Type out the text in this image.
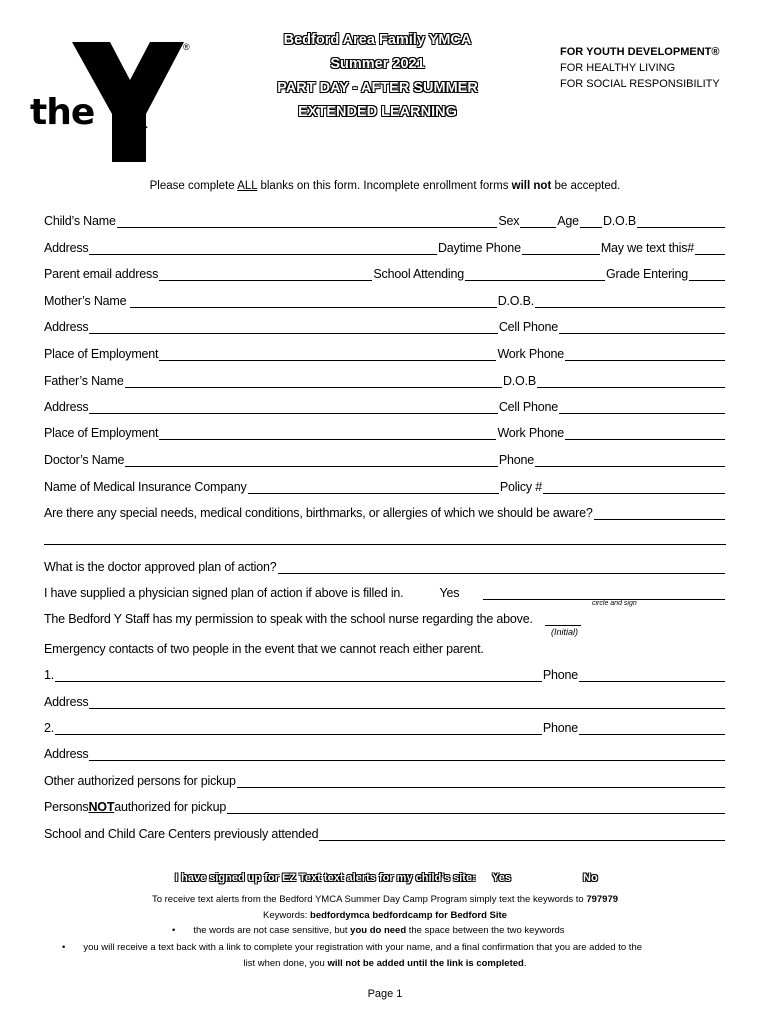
the
YMCA
®	Bedford Area Family YMCA
Summer 2021
PART DAY - AFTER SUMMER
EXTENDED LEARNING
FOR YOUTH DEVELOPMENT®
FOR HEALTHY LIVING
FOR SOCIAL RESPONSIBILITY
Please complete ALL blanks on this form. Incomplete enrollment forms will not be accepted.
Child’s Name	Sex	Age D.O.B
Address	Daytime Phone	May we text this#
Parent email address	School Attending	Grade Entering
Mother’s Name	D.O.B.
Address	Cell Phone
Place of Employment	Work Phone
Father’s Name	D.O.B
Address	Cell Phone
Place of Employment	Work Phone
Doctor’s Name	Phone
Name of Medical Insurance Company	Policy #
Are there any special needs, medical conditions, birthmarks, or allergies of which we should be aware?
What is the doctor approved plan of action?
I have supplied a physician signed plan of action if above is filled in.	Yes
circle and sign
The Bedford Y Staff has my permission to speak with the school nurse regarding the above.
(Initial)
Emergency contacts of two people in the event that we cannot reach either parent.
1.	Phone
Address
2.	Phone
Address
Other authorized persons for pickup
Persons NOT authorized for pickup
School and Child Care Centers previously attended
I have signed up for EZ Text text alerts for my child’s site: Yes	No
To receive text alerts from the Bedford YMCA Summer Day Camp Program simply text the keywords to 797979
Keywords: bedfordymca bedfordcamp for Bedford Site
• the words are not case sensitive, but you do need the space between the two keywords
• you will receive a text back with a link to complete your registration with your name, and a final confirmation that you are added to the
list when done, you will not be added until the link is completed.
Page 1
